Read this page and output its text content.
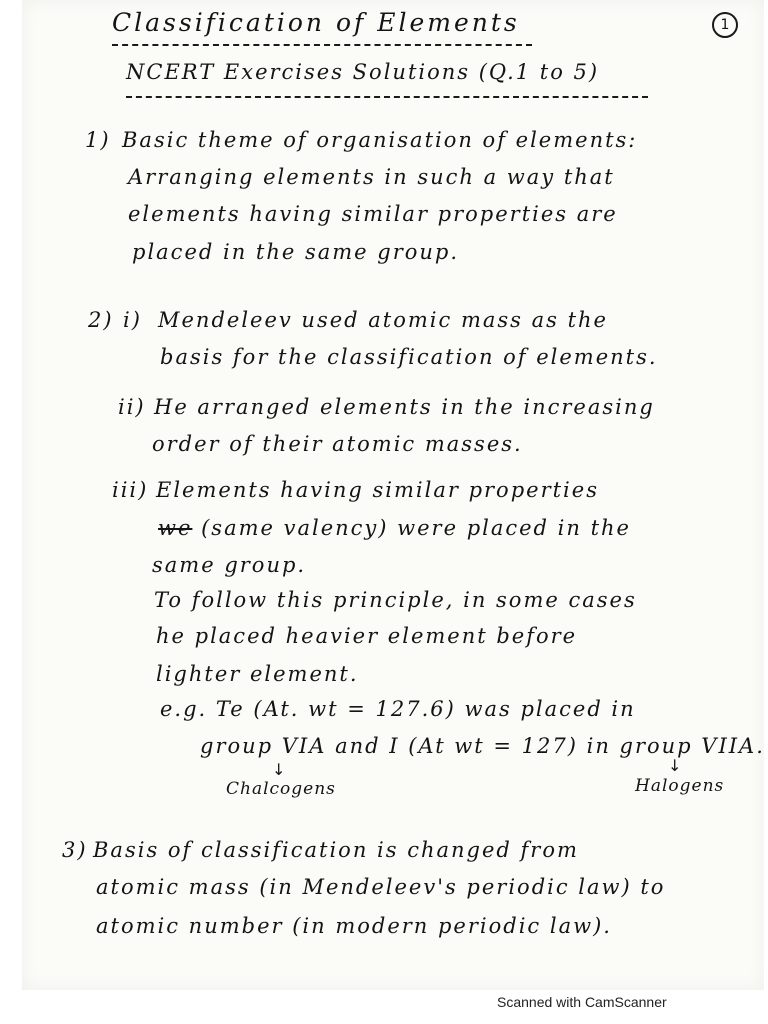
Classification of Elements	1
NCERT Exercises Solutions (Q.1 to 5)
1) Basic theme of organisation of elements:
Arranging elements in such a way that
elements having similar properties are
placed in the same group.
2) i) Mendeleev used atomic mass as the
basis for the classification of elements.
ii) He arranged elements in the increasing
order of their atomic masses.
iii) Elements having similar properties
we (same valency) were placed in the
same group.
To follow this principle, in some cases
he placed heavier element before
lighter element.
e.g. Te (At. wt = 127.6) was placed in
group VIA and I (At wt = 127) in group VIIA.
↓	↓
Chalcogens	Halogens
3) Basis of classification is changed from
atomic mass (in Mendeleev's periodic law) to
atomic number (in modern periodic law).
Scanned with CamScanner
